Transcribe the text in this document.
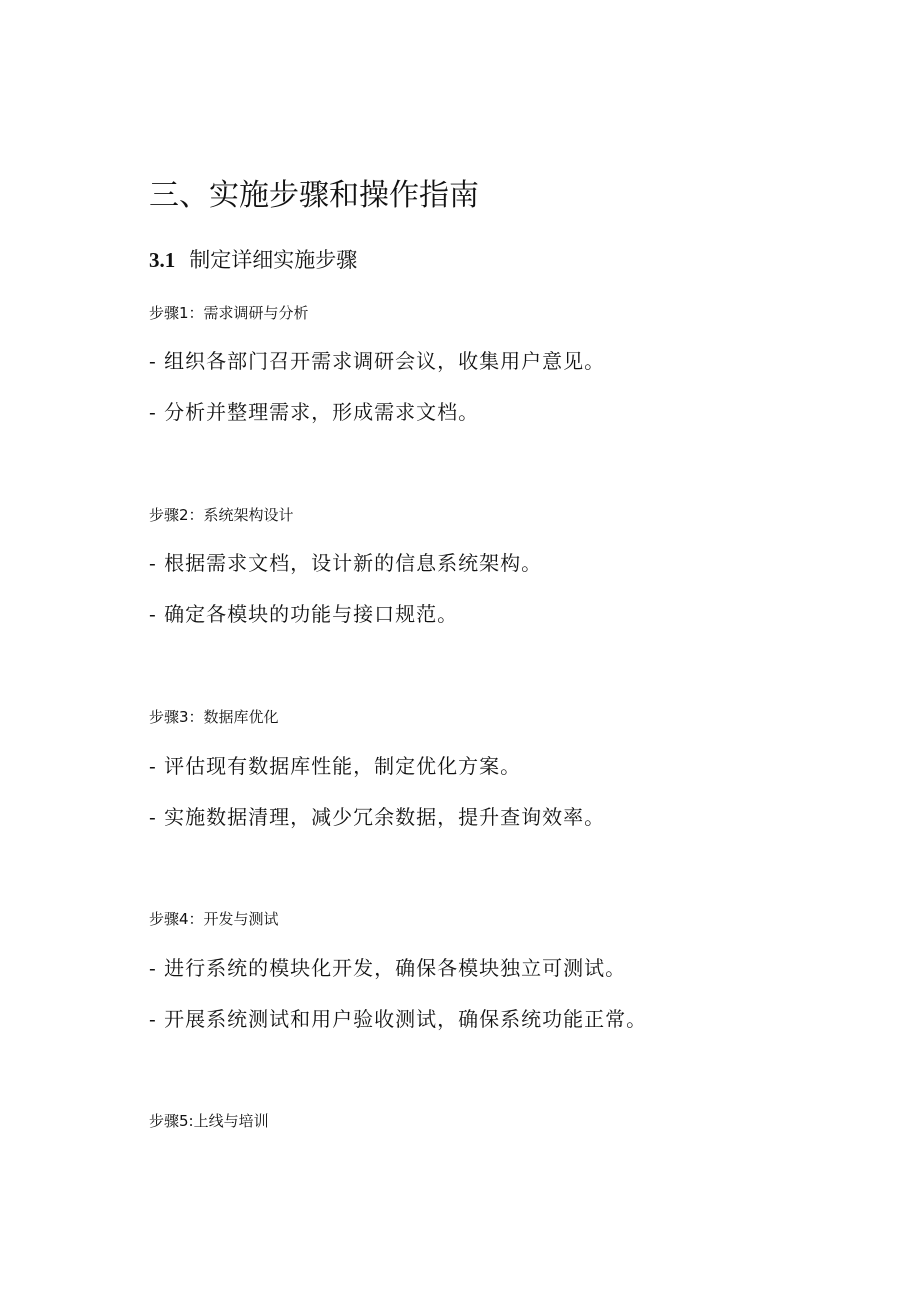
三、实施步骤和操作指南
3.1 制定详细实施步骤
步骤1：需求调研与分析
- 组织各部门召开需求调研会议，收集用户意见。
- 分析并整理需求，形成需求文档。
步骤2：系统架构设计
- 根据需求文档，设计新的信息系统架构。
- 确定各模块的功能与接口规范。
步骤3：数据库优化
- 评估现有数据库性能，制定优化方案。
- 实施数据清理，减少冗余数据，提升查询效率。
步骤4：开发与测试
- 进行系统的模块化开发，确保各模块独立可测试。
- 开展系统测试和用户验收测试，确保系统功能正常。
步骤5:上线与培训
